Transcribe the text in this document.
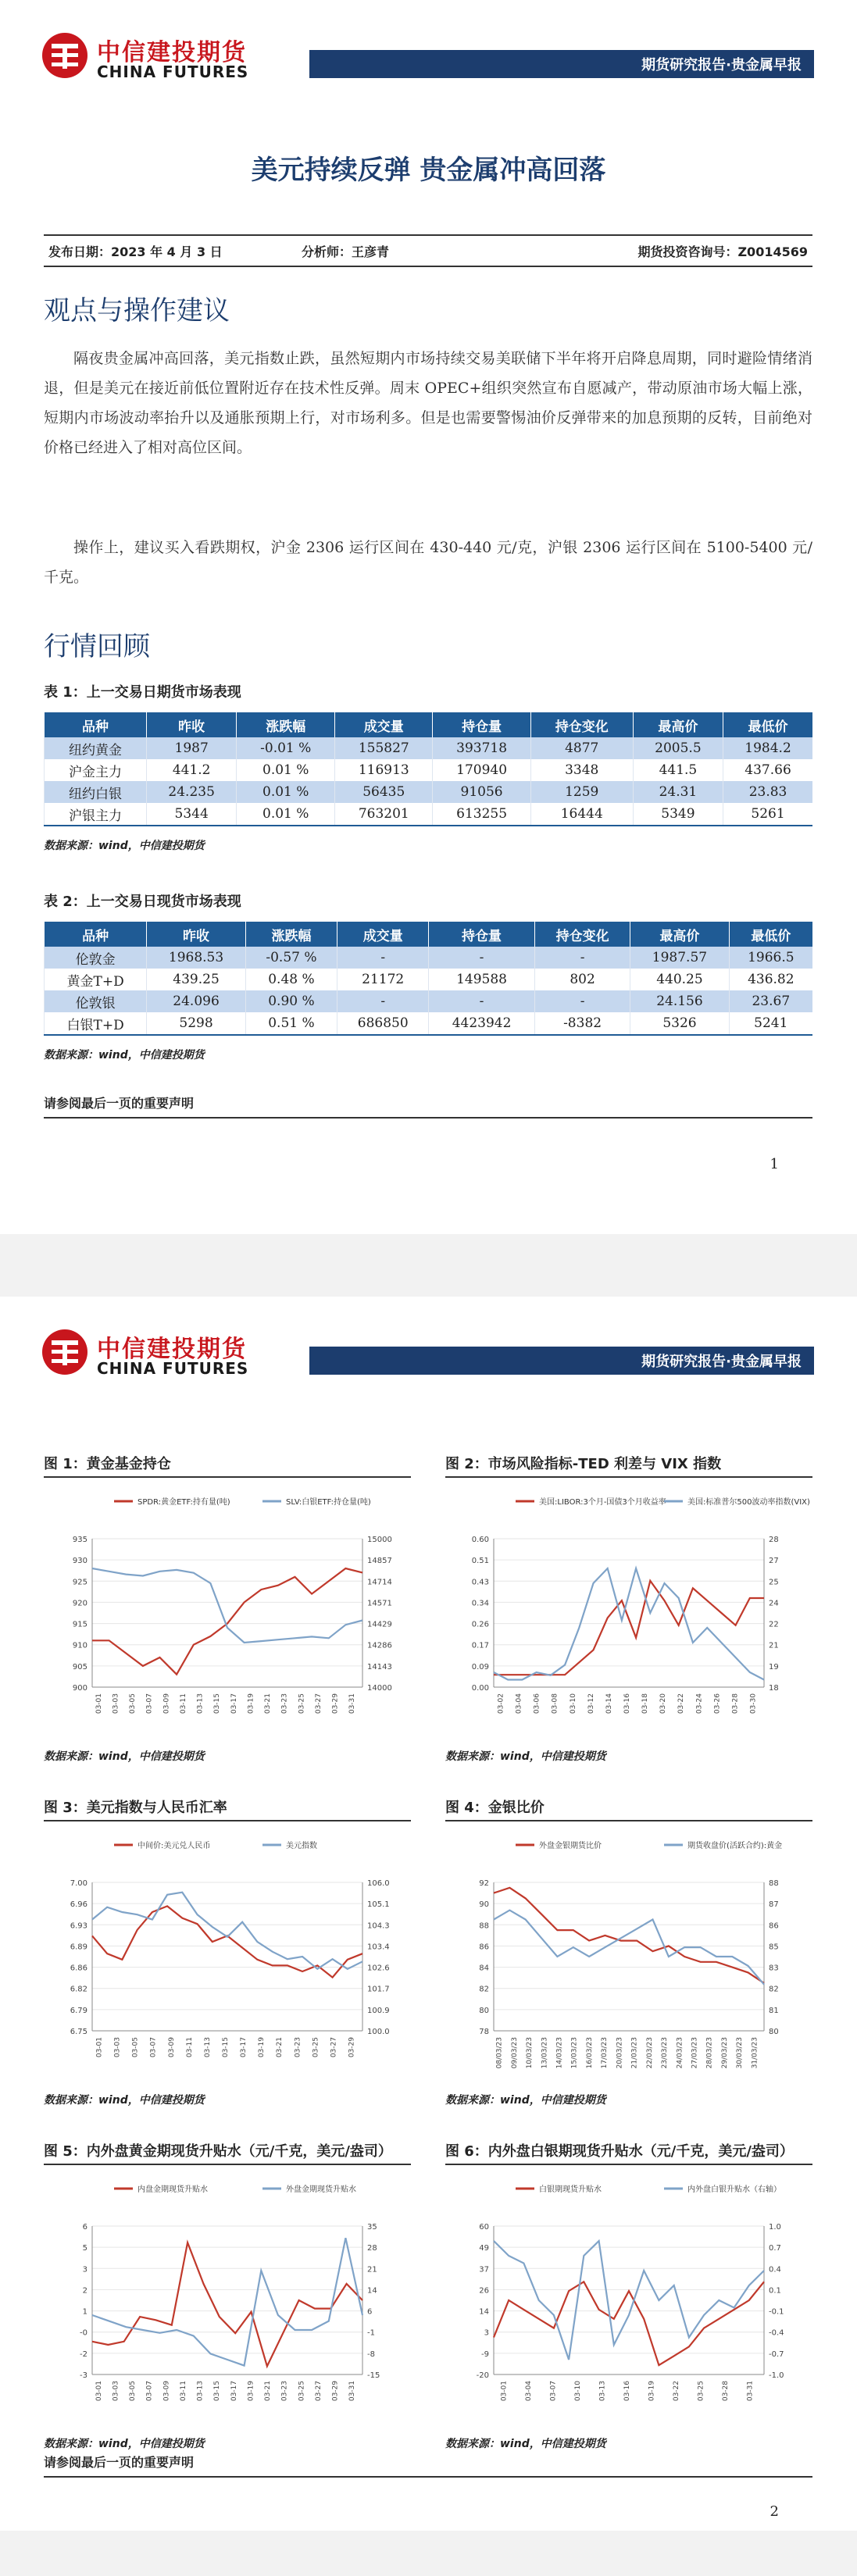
中信建投期货
CHINA FUTURES	期货研究报告·贵金属早报
美元持续反弹 贵金属冲高回落
发布日期：2023 年 4 月 3 日	分析师：王彦青	期货投资咨询号：Z0014569
观点与操作建议
隔夜贵金属冲高回落，美元指数止跌，虽然短期内市场持续交易美联储下半年将开启降息周期，同时避险情绪消退，但是美元在接近前低位置附近存在技术性反弹。周末 OPEC+组织突然宣布自愿减产，带动原油市场大幅上涨，短期内市场波动率抬升以及通胀预期上行，对市场利多。但是也需要警惕油价反弹带来的加息预期的反转，目前绝对价格已经进入了相对高位区间。
操作上，建议买入看跌期权，沪金 2306 运行区间在 430-440 元/克，沪银 2306 运行区间在 5100-5400 元/千克。
行情回顾
表 1：上一交易日期货市场表现
品种	昨收	涨跌幅	成交量	持仓量	持仓变化	最高价	最低价
纽约黄金	1987	-0.01 %	155827	393718	4877	2005.5	1984.2
沪金主力	441.2	0.01 %	116913	170940	3348	441.5	437.66
纽约白银	24.235	0.01 %	56435	91056	1259	24.31	23.83
沪银主力	5344	0.01 %	763201	613255	16444	5349	5261
数据来源：wind，中信建投期货
表 2：上一交易日现货市场表现
品种	昨收	涨跌幅	成交量	持仓量	持仓变化	最高价	最低价
伦敦金	1968.53	-0.57 %	-	-	-	1987.57	1966.5
黄金T+D	439.25	0.48 %	21172	149588	802	440.25	436.82
伦敦银	24.096	0.90 %	-	-	-	24.156	23.67
白银T+D	5298	0.51 %	686850	4423942	-8382	5326	5241
数据来源：wind，中信建投期货
请参阅最后一页的重要声明
1
中信建投期货
CHINA FUTURES	期货研究报告·贵金属早报
图 1：黄金基金持仓
SPDR:黄金ETF:持有量(吨)	SLV:白银ETF:持仓量(吨)
900	14000
905	14143
910	14286
915	14429
920	14571
925	14714
930	14857
935	15000
03-01 03-03 03-05 03-07 03-09 03-11 03-13 03-15 03-17 03-19 03-21 03-23 03-25 03-27 03-29 03-31
数据来源：wind，中信建投期货
图 2：市场风险指标-TED 利差与 VIX 指数
美国:LIBOR:3个月-国债3个月收益率	美国:标准普尔500波动率指数(VIX)
0.00	18
0.09	19
0.17	21
0.26	22
0.34	24
0.43	25
0.51	27
0.60	28
03-02 03-04 03-06 03-08 03-10 03-12 03-14 03-16 03-18 03-20 03-22 03-24 03-26 03-28 03-30
数据来源：wind，中信建投期货
图 3：美元指数与人民币汇率
中间价:美元兑人民币	美元指数
6.75	100.0
6.79	100.9
6.82	101.7
6.86	102.6
6.89	103.4
6.93	104.3
6.96	105.1
7.00	106.0
03-01 03-03 03-05 03-07 03-09 03-11 03-13 03-15 03-17 03-19 03-21 03-23 03-25 03-27 03-29
数据来源：wind，中信建投期货
图 4：金银比价
外盘金银期货比价	期货收盘价(活跃合约):黄金
78	80
80	81
82	82
84	83
86	85
88	86
90	87
92	88
08/03/23 09/03/23 10/03/23 13/03/23 14/03/23 15/03/23 16/03/23 17/03/23 20/03/23 21/03/23 22/03/23 23/03/23 24/03/23 27/03/23 28/03/23 29/03/23 30/03/23 31/03/23
数据来源：wind，中信建投期货
图 5：内外盘黄金期现货升贴水（元/千克，美元/盎司）
内盘金期现货升贴水	外盘金期现货升贴水
-3	-15
-2	-8
-0	-1
1	6
2	14
3	21
5	28
6	35
03-01 03-03 03-05 03-07 03-09 03-11 03-13 03-15 03-17 03-19 03-21 03-23 03-25 03-27 03-29 03-31
数据来源：wind，中信建投期货
图 6：内外盘白银期现货升贴水（元/千克，美元/盎司）
白银期现货升贴水	内外盘白银升贴水（右轴）
-20	-1.0
-9	-0.7
3	-0.4
14	-0.1
26	0.1
37	0.4
49	0.7
60	1.0
03-01 03-04 03-07 03-10 03-13 03-16 03-19 03-22 03-25 03-28 03-31
数据来源：wind，中信建投期货
请参阅最后一页的重要声明
2
